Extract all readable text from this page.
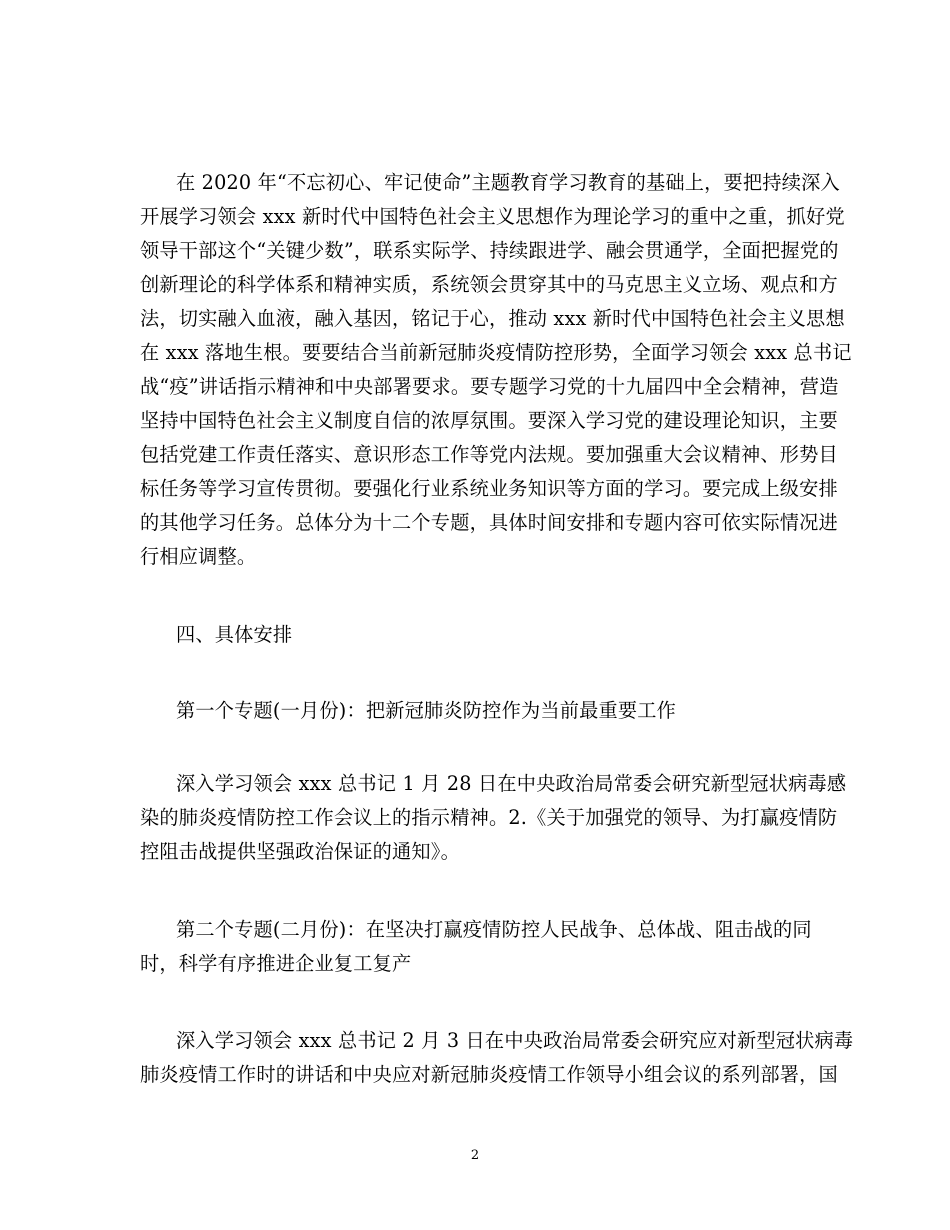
在 2020 年“不忘初心、牢记使命”主题教育学习教育的基础上，要把持续深入
开展学习领会 xxx 新时代中国特色社会主义思想作为理论学习的重中之重，抓好党
领导干部这个“关键少数”，联系实际学、持续跟进学、融会贯通学，全面把握党的
创新理论的科学体系和精神实质，系统领会贯穿其中的马克思主义立场、观点和方
法，切实融入血液，融入基因，铭记于心，推动 xxx 新时代中国特色社会主义思想
在 xxx 落地生根。要要结合当前新冠肺炎疫情防控形势，全面学习领会 xxx 总书记
战“疫”讲话指示精神和中央部署要求。要专题学习党的十九届四中全会精神，营造
坚持中国特色社会主义制度自信的浓厚氛围。要深入学习党的建设理论知识，主要
包括党建工作责任落实、意识形态工作等党内法规。要加强重大会议精神、形势目
标任务等学习宣传贯彻。要强化行业系统业务知识等方面的学习。要完成上级安排
的其他学习任务。总体分为十二个专题，具体时间安排和专题内容可依实际情况进
行相应调整。
四、具体安排
第一个专题(一月份)：把新冠肺炎防控作为当前最重要工作
深入学习领会 xxx 总书记 1 月 28 日在中央政治局常委会研究新型冠状病毒感
染的肺炎疫情防控工作会议上的指示精神。2.《关于加强党的领导、为打赢疫情防
控阻击战提供坚强政治保证的通知》。
第二个专题(二月份)：在坚决打赢疫情防控人民战争、总体战、阻击战的同
时，科学有序推进企业复工复产
深入学习领会 xxx 总书记 2 月 3 日在中央政治局常委会研究应对新型冠状病毒
肺炎疫情工作时的讲话和中央应对新冠肺炎疫情工作领导小组会议的系列部署，国
2
